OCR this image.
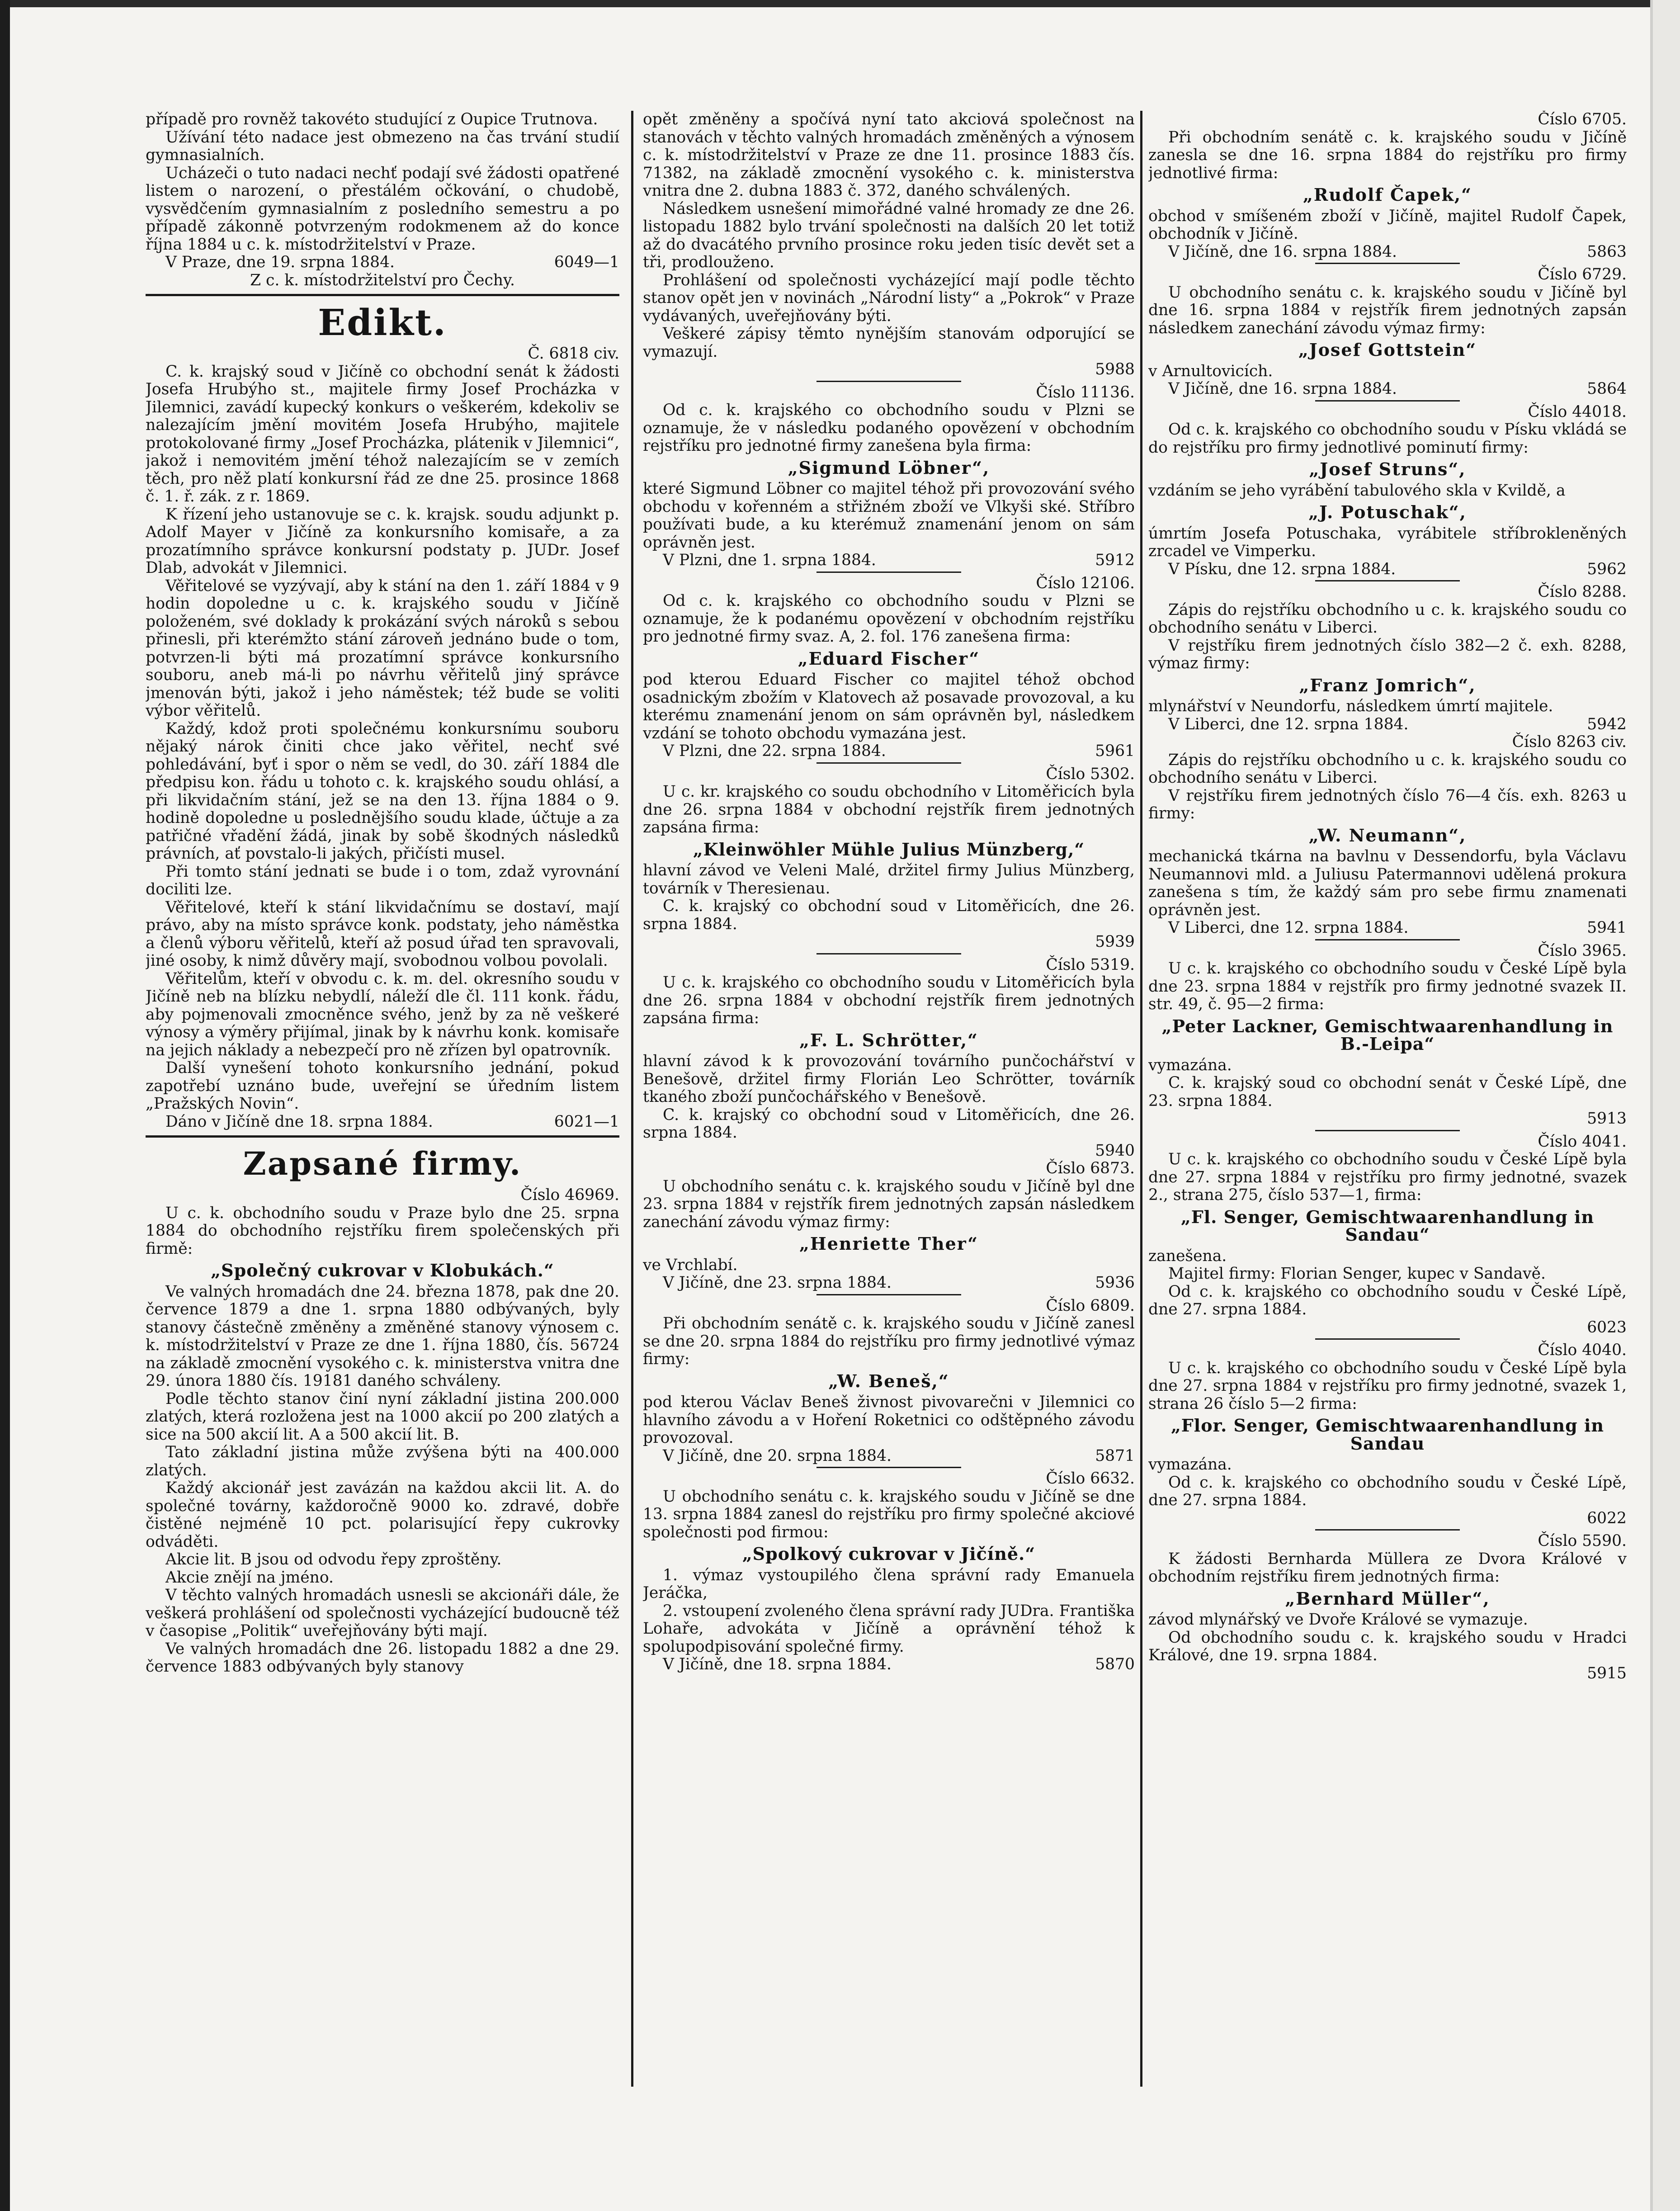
případě pro rovněž takovéto studující z Oupice Trutnova.

Užívání této nadace jest obmezeno na čas trvání studií gymnasialních.

Ucházeči o tuto nadaci nechť podají své žádosti opatřené listem o narození, o přestálém očkování, o chudobě, vysvědčením gymnasialním z posledního semestru a po případě zákonně potvrzeným rodokmenem až do konce října 1884 u c. k. místodržitelství v Praze.

V Praze, dne 19. srpna 1884.	6049—1

Z c. k. místodržitelství pro Čechy.

Edikt.

Č. 6818 civ.

C. k. krajský soud v Jičíně co obchodní senát k žádosti Josefa Hrubýho st., majitele firmy Josef Procházka v Jilemnici, zavádí kupecký konkurs o veškerém, kdekoliv se nalezajícím jmění movitém Josefa Hrubýho, majitele protokolované firmy „Josef Procházka, plátenik v Jilemnici“, jakož i nemovitém jmění téhož nalezajícím se v zemích těch, pro něž platí konkursní řád ze dne 25. prosince 1868 č. 1. ř. zák. z r. 1869.

K řízení jeho ustanovuje se c. k. krajsk. soudu adjunkt p. Adolf Mayer v Jičíně za konkursního komisaře, a za prozatímního správce konkursní podstaty p. JUDr. Josef Dlab, advokát v Jilemnici.

Věřitelové se vyzývají, aby k stání na den 1. září 1884 v 9 hodin dopoledne u c. k. krajského soudu v Jičíně položeném, své doklady k prokázání svých nároků s sebou přinesli, při kterémžto stání zároveň jednáno bude o tom, potvrzen-li býti má prozatímní správce konkursního souboru, aneb má-li po návrhu věřitelů jiný správce jmenován býti, jakož i jeho náměstek; též bude se voliti výbor věřitelů.

Každý, kdož proti společnému konkursnímu souboru nějaký nárok činiti chce jako věřitel, nechť své pohledávání, byť i spor o něm se vedl, do 30. září 1884 dle předpisu kon. řádu u tohoto c. k. krajského soudu ohlásí, a při likvidačním stání, jež se na den 13. října 1884 o 9. hodině dopoledne u poslednějšího soudu klade, účtuje a za patřičné vřadění žádá, jinak by sobě škodných následků právních, ať povstalo-li jakých, přičísti musel.

Při tomto stání jednati se bude i o tom, zdaž vyrovnání dociliti lze.

Věřitelové, kteří k stání likvidačnímu se dostaví, mají právo, aby na místo správce konk. podstaty, jeho náměstka a členů výboru věřitelů, kteří až posud úřad ten spravovali, jiné osoby, k nimž důvěry mají, svobodnou volbou povolali.

Věřitelům, kteří v obvodu c. k. m. del. okresního soudu v Jičíně neb na blízku nebydlí, náleží dle čl. 111 konk. řádu, aby pojmenovali zmocněnce svého, jenž by za ně veškeré výnosy a výměry přijímal, jinak by k návrhu konk. komisaře na jejich náklady a nebezpečí pro ně zřízen byl opatrovník.

Další vynešení tohoto konkursního jednání, pokud zapotřebí uznáno bude, uveřejní se úředním listem „Pražských Novin“.

Dáno v Jičíně dne 18. srpna 1884.	6021—1
Zapsané firmy.

Číslo 46969.

U c. k. obchodního soudu v Praze bylo dne 25. srpna 1884 do obchodního rejstříku firem společenských při firmě:

„Společný cukrovar v Klobukách.“

Ve valných hromadách dne 24. března 1878, pak dne 20. července 1879 a dne 1. srpna 1880 odbývaných, byly stanovy částečně změněny a změněné stanovy výnosem c. k. místodržitelství v Praze ze dne 1. října 1880, čís. 56724 na základě zmocnění vysokého c. k. ministerstva vnitra dne 29. února 1880 čís. 19181 daného schváleny.

Podle těchto stanov činí nyní základní jistina 200.000 zlatých, která rozložena jest na 1000 akcií po 200 zlatých a sice na 500 akcií lit. A a 500 akcií lit. B.

Tato základní jistina může zvýšena býti na 400.000 zlatých.

Každý akcionář jest zavázán na každou akcii lit. A. do společné továrny, každoročně 9000 ko. zdravé, dobře čistěné nejméně 10 pct. polarisující řepy cukrovky odváděti.

Akcie lit. B jsou od odvodu řepy zproštěny.

Akcie znějí na jméno.

V těchto valných hromadách usnesli se akcionáři dále, že veškerá prohlášení od společnosti vycházející budoucně též v časopise „Politik“ uveřejňovány býti mají.

Ve valných hromadách dne 26. listopadu 1882 a dne 29. července 1883 odbývaných byly stanovy

opět změněny a spočívá nyní tato akciová společnost na stanovách v těchto valných hromadách změněných a výnosem c. k. místodržitelství v Praze ze dne 11. prosince 1883 čís. 71382, na základě zmocnění vysokého c. k. ministerstva vnitra dne 2. dubna 1883 č. 372, daného schválených.

Následkem usnešení mimořádné valné hromady ze dne 26. listopadu 1882 bylo trvání společnosti na dalších 20 let totiž až do dvacátého prvního prosince roku jeden tisíc devět set a tři, prodlouženo.

Prohlášení od společnosti vycházející mají podle těchto stanov opět jen v novinách „Národní listy“ a „Pokrok“ v Praze vydávaných, uveřejňovány býti.

Veškeré zápisy těmto nynějším stanovám odporující se vymazují.

5988

Číslo 11136.

Od c. k. krajského co obchodního soudu v Plzni se oznamuje, že v následku podaného opovězení v obchodním rejstříku pro jednotné firmy zanešena byla firma:

„Sigmund Löbner“,

které Sigmund Löbner co majitel téhož při provozování svého obchodu v kořenném a střižném zboží ve Vlkyši ské. Stříbro používati bude, a ku kterémuž znamenání jenom on sám oprávněn jest.

V Plzni, dne 1. srpna 1884.	5912

Číslo 12106.

Od c. k. krajského co obchodního soudu v Plzni se oznamuje, že k podanému opovězení v obchodním rejstříku pro jednotné firmy svaz. A, 2. fol. 176 zanešena firma:

„Eduard Fischer“

pod kterou Eduard Fischer co majitel téhož obchod osadnickým zbožím v Klatovech až posavade provozoval, a ku kterému znamenání jenom on sám oprávněn byl, následkem vzdání se tohoto obchodu vymazána jest.

V Plzni, dne 22. srpna 1884.	5961

Číslo 5302.

U c. kr. krajského co soudu obchodního v Litoměřicích byla dne 26. srpna 1884 v obchodní rejstřík firem jednotných zapsána firma:

„Kleinwöhler Mühle Julius Münzberg,“

hlavní závod ve Veleni Malé, držitel firmy Julius Münzberg, továrník v Theresienau.

C. k. krajský co obchodní soud v Litoměřicích, dne 26. srpna 1884.

5939

Číslo 5319.

U c. k. krajského co obchodního soudu v Litoměřicích byla dne 26. srpna 1884 v obchodní rejstřík firem jednotných zapsána firma:

„F. L. Schrötter,“

hlavní závod k k provozování továrního punčochářství v Benešově, držitel firmy Florián Leo Schrötter, továrník tkaného zboží punčochářského v Benešově.

C. k. krajský co obchodní soud v Litoměřicích, dne 26. srpna 1884.

5940

Číslo 6873.

U obchodního senátu c. k. krajského soudu v Jičíně byl dne 23. srpna 1884 v rejstřík firem jednotných zapsán následkem zanechání závodu výmaz firmy:

„Henriette Ther“

ve Vrchlabí.

V Jičíně, dne 23. srpna 1884.	5936

Číslo 6809.

Při obchodním senátě c. k. krajského soudu v Jičíně zanesl se dne 20. srpna 1884 do rejstříku pro firmy jednotlivé výmaz firmy:

„W. Beneš,“

pod kterou Václav Beneš živnost pivovarečni v Jilemnici co hlavního závodu a v Hoření Roketnici co odštěpného závodu provozoval.

V Jičíně, dne 20. srpna 1884.	5871

Číslo 6632.

U obchodního senátu c. k. krajského soudu v Jičíně se dne 13. srpna 1884 zanesl do rejstříku pro firmy společné akciové společnosti pod firmou:

„Spolkový cukrovar v Jičíně.“

1. výmaz vystoupilého člena správní rady Emanuela Jeráčka,

2. vstoupení zvoleného člena správní rady JUDra. Františka Lohaře, advokáta v Jičíně a oprávnění téhož k spolupodpisování společné firmy.

V Jičíně, dne 18. srpna 1884.	5870

Číslo 6705.

Při obchodním senátě c. k. krajského soudu v Jičíně zanesla se dne 16. srpna 1884 do rejstříku pro firmy jednotlivé firma:

„Rudolf Čapek,“

obchod v smíšeném zboží v Jičíně, majitel Rudolf Čapek, obchodník v Jičíně.

V Jičíně, dne 16. srpna 1884.	5863

Číslo 6729.

U obchodního senátu c. k. krajského soudu v Jičíně byl dne 16. srpna 1884 v rejstřík firem jednotných zapsán následkem zanechání závodu výmaz firmy:

„Josef Gottstein“

v Arnultovicích.

V Jičíně, dne 16. srpna 1884.	5864

Číslo 44018.

Od c. k. krajského co obchodního soudu v Písku vkládá se do rejstříku pro firmy jednotlivé pominutí firmy:

„Josef Struns“,

vzdáním se jeho vyrábění tabulového skla v Kvildě, a

„J. Potuschak“,

úmrtím Josefa Potuschaka, vyrábitele stříbrokleněných zrcadel ve Vimperku.

V Písku, dne 12. srpna 1884.	5962

Číslo 8288.

Zápis do rejstříku obchodního u c. k. krajského soudu co obchodního senátu v Liberci.

V rejstříku firem jednotných číslo 382—2 č. exh. 8288, výmaz firmy:

„Franz Jomrich“,

mlynářství v Neundorfu, následkem úmrtí majitele.

V Liberci, dne 12. srpna 1884.	5942

Číslo 8263 civ.

Zápis do rejstříku obchodního u c. k. krajského soudu co obchodního senátu v Liberci.

V rejstříku firem jednotných číslo 76—4 čís. exh. 8263 u firmy:

„W. Neumann“,

mechanická tkárna na bavlnu v Dessendorfu, byla Václavu Neumannovi mld. a Juliusu Patermannovi udělená prokura zanešena s tím, že každý sám pro sebe firmu znamenati oprávněn jest.

V Liberci, dne 12. srpna 1884.	5941

Číslo 3965.

U c. k. krajského co obchodního soudu v České Lípě byla dne 23. srpna 1884 v rejstřík pro firmy jednotné svazek II. str. 49, č. 95—2 firma:

„Peter Lackner, Gemischtwaarenhandlung in B.-Leipa“

vymazána.

C. k. krajský soud co obchodní senát v České Lípě, dne 23. srpna 1884.

5913

Číslo 4041.

U c. k. krajského co obchodního soudu v České Lípě byla dne 27. srpna 1884 v rejstříku pro firmy jednotné, svazek 2., strana 275, číslo 537—1, firma:

„Fl. Senger, Gemischtwaarenhandlung in Sandau“

zanešena.

Majitel firmy: Florian Senger, kupec v Sandavě.

Od c. k. krajského co obchodního soudu v České Lípě, dne 27. srpna 1884.

6023

Číslo 4040.

U c. k. krajského co obchodního soudu v České Lípě byla dne 27. srpna 1884 v rejstříku pro firmy jednotné, svazek 1, strana 26 číslo 5—2 firma:

„Flor. Senger, Gemischtwaarenhandlung in Sandau

vymazána.

Od c. k. krajského co obchodního soudu v České Lípě, dne 27. srpna 1884.

6022

Číslo 5590.

K žádosti Bernharda Müllera ze Dvora Králové v obchodním rejstříku firem jednotných firma:

„Bernhard Müller“,

závod mlynářský ve Dvoře Králové se vymazuje.

Od obchodního soudu c. k. krajského soudu v Hradci Králové, dne 19. srpna 1884.

5915
